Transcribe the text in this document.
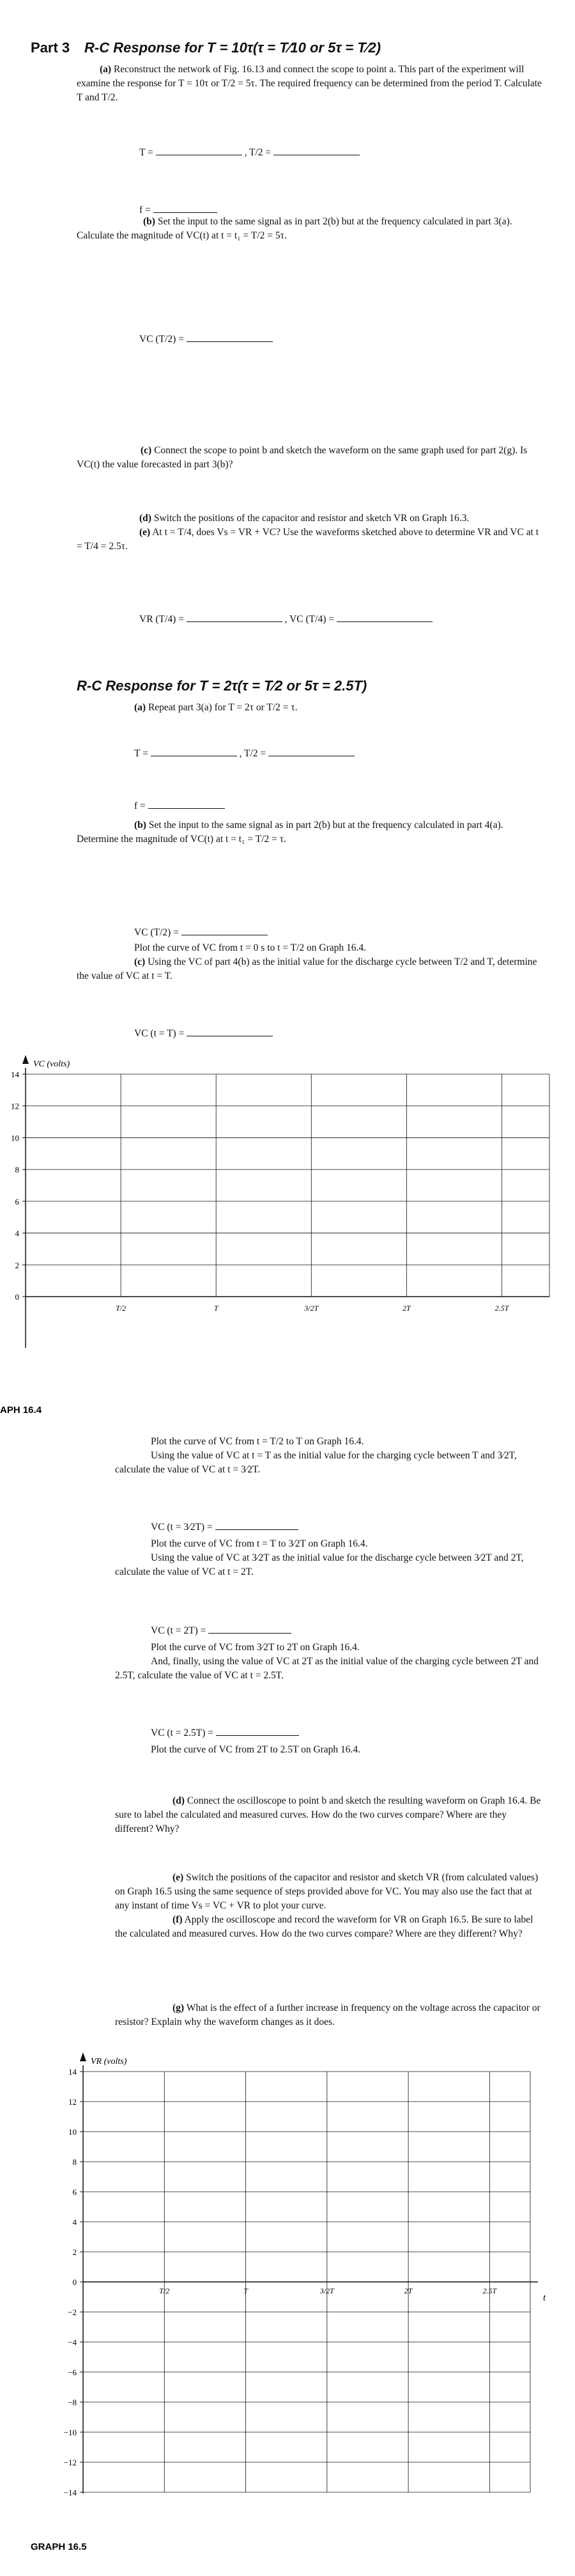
Part 3 R-C Response for T = 10τ(τ = T⁄10 or 5τ = T⁄2)
(a) Reconstruct the network of Fig. 16.13 and connect the scope to point a. This part of the experiment will examine the response for T = 10τ or T/2 = 5τ. The required frequency can be determined from the period T. Calculate T and T/2.
T =	, T/2 =
f =
(b) Set the input to the same signal as in part 2(b) but at the frequency calculated in part 3(a). Calculate the magnitude of VC(t) at t = t₁ = T/2 = 5τ.
VC (T/2) =
(c) Connect the scope to point b and sketch the waveform on the same graph used for part 2(g). Is VC(t) the value forecasted in part 3(b)?
(d) Switch the positions of the capacitor and resistor and sketch VR on Graph 16.3.
(e) At t = T/4, does Vs = VR + VC? Use the waveforms sketched above to determine VR and VC at t = T/4 = 2.5τ.
VR (T/4) =	, VC (T/4) =
R-C Response for T = 2τ(τ = T⁄2 or 5τ = 2.5T)
(a) Repeat part 3(a) for T = 2τ or T/2 = τ.
T =	, T/2 =
f =
(b) Set the input to the same signal as in part 2(b) but at the frequency calculated in part 4(a). Determine the magnitude of VC(t) at t = t₁ = T/2 = τ.
VC (T/2) =
Plot the curve of VC from t = 0 s to t = T/2 on Graph 16.4.
(c) Using the VC of part 4(b) as the initial value for the discharge cycle between T/2 and T, determine the value of VC at t = T.
VC (t = T) =
VC (volts)
14
12
10
8
6
4
2
0
T/2	T	3/2T	2T	2.5T
APH 16.4
Plot the curve of VC from t = T/2 to T on Graph 16.4.
Using the value of VC at t = T as the initial value for the charging cycle between T and 3⁄2T, calculate the value of VC at t = 3⁄2T.
VC (t = 3⁄2T) =
Plot the curve of VC from t = T to 3⁄2T on Graph 16.4.
Using the value of VC at 3⁄2T as the initial value for the discharge cycle between 3⁄2T and 2T, calculate the value of VC at t = 2T.
VC (t = 2T) =
Plot the curve of VC from 3⁄2T to 2T on Graph 16.4.
And, finally, using the value of VC at 2T as the initial value of the charging cycle between 2T and 2.5T, calculate the value of VC at t = 2.5T.
VC (t = 2.5T) =
Plot the curve of VC from 2T to 2.5T on Graph 16.4.
(d) Connect the oscilloscope to point b and sketch the resulting waveform on Graph 16.4. Be sure to label the calculated and measured curves. How do the two curves compare? Where are they different? Why?
(e) Switch the positions of the capacitor and resistor and sketch VR (from calculated values) on Graph 16.5 using the same sequence of steps provided above for VC. You may also use the fact that at any instant of time Vs = VC + VR to plot your curve.
(f) Apply the oscilloscope and record the waveform for VR on Graph 16.5. Be sure to label the calculated and measured curves. How do the two curves compare? Where are they different? Why?
(g) What is the effect of a further increase in frequency on the voltage across the capacitor or resistor? Explain why the waveform changes as it does.
VR (volts)
14
12
10
8
6
4
2
0
−2
−4
−6
−8
−10
−12
−14
T/2	T	3/2T	2T	2.5T
t
GRAPH 16.5
